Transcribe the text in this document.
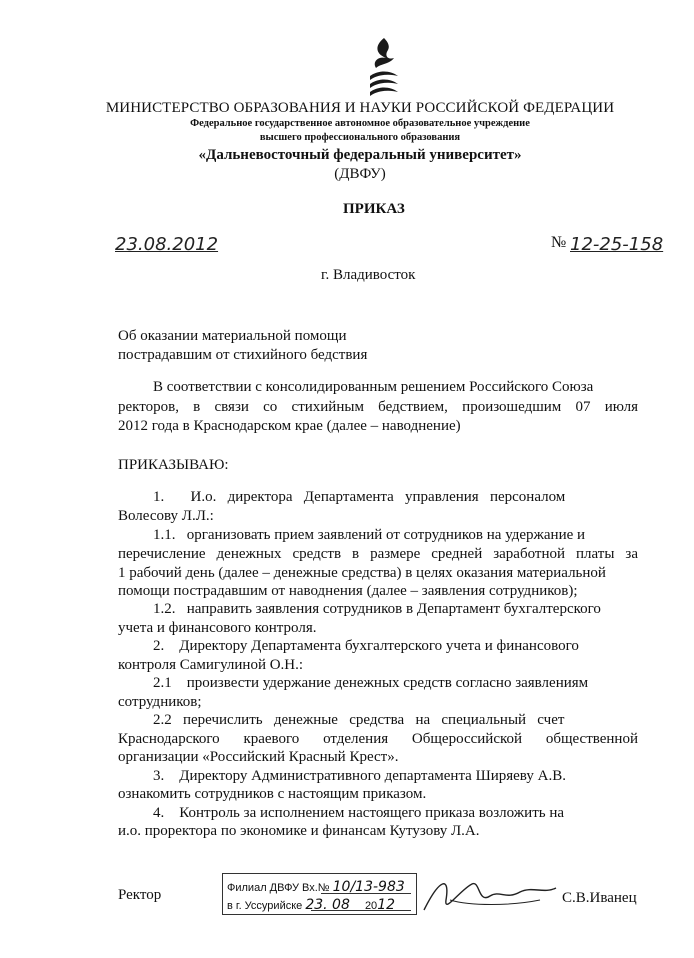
МИНИСТЕРСТВО ОБРАЗОВАНИЯ И НАУКИ РОССИЙСКОЙ ФЕДЕРАЦИИ
Федеральное государственное автономное образовательное учреждение
высшего профессионального образования
«Дальневосточный федеральный университет»
(ДВФУ)
ПРИКАЗ
23.08.2012	№ 12-25-158
г. Владивосток
Об оказании материальной помощи
пострадавшим от стихийного бедствия
В соответствии с консолидированным решением Российского Союза
ректоров, в связи со стихийным бедствием, произошедшим 07 июля
2012 года в Краснодарском крае (далее – наводнение)
ПРИКАЗЫВАЮ:
1.       И.о.   директора   Департамента   управления   персоналом
Волесову Л.Л.:
1.1.   организовать прием заявлений от сотрудников на удержание и
перечисление денежных средств в размере средней заработной платы за
1 рабочий день (далее – денежные средства) в целях оказания материальной
помощи пострадавшим от наводнения (далее – заявления сотрудников);
1.2.   направить заявления сотрудников в Департамент бухгалтерского
учета и финансового контроля.
2.    Директору Департамента бухгалтерского учета и финансового
контроля Самигулиной О.Н.:
2.1    произвести удержание денежных средств согласно заявлениям
сотрудников;
2.2   перечислить   денежные   средства   на   специальный   счет
Краснодарского   краевого   отделения   Общероссийской   общественной
организации «Российский Красный Крест».
3.    Директору Административного департамента Ширяеву А.В.
ознакомить сотрудников с настоящим приказом.
4.    Контроль за исполнением настоящего приказа возложить на
и.о. проректора по экономике и финансам Кутузову Л.А.
Ректор	Филиал ДВФУ Вх.№ 10/13-983
в г. Уссурийске 23. 08 2012	С.В.Иванец
